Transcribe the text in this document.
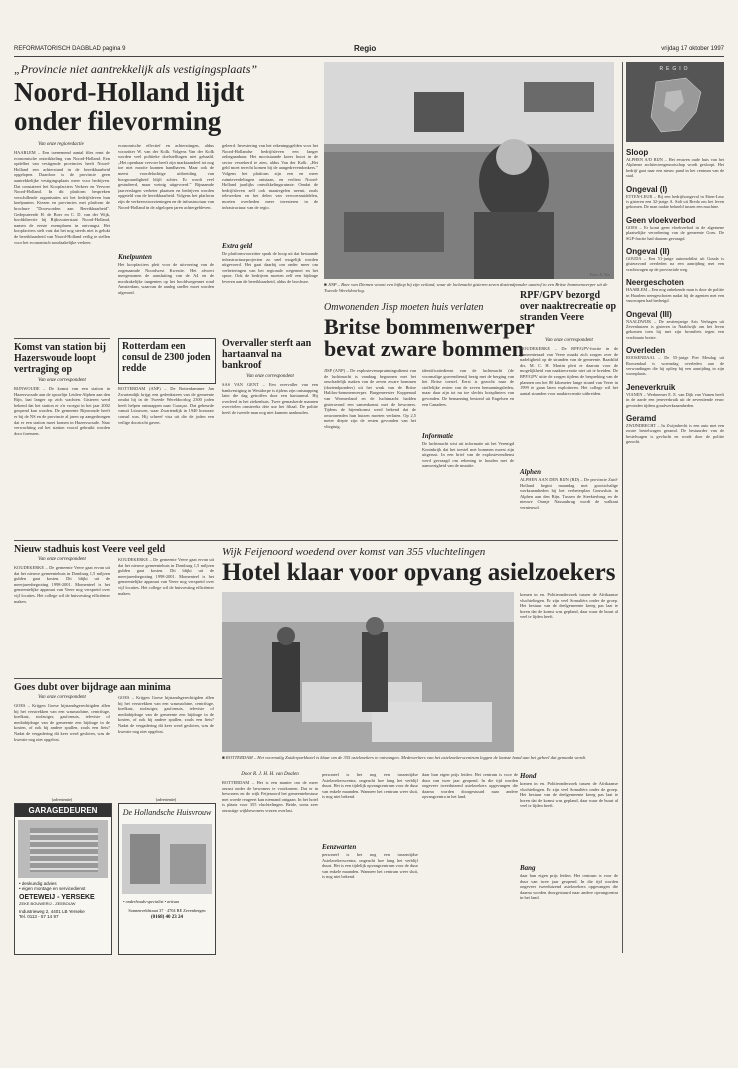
REFORMATORISCH DAGBLAD pagina 9	Regio	vrijdag 17 oktober 1997
„Provincie niet aantrekkelijk als vestigingsplaats”
Noord-Holland lijdt
onder filevorming
Van onze regioredactie
HAARLEM – Een toenemend aantal files remt de economische ontwikkeling van Noord-Holland. Een opdelhet van vestigende provincies heeft Noord-Holland een achterstand in de bereikbaarheid opgelopen. Daardoor is de provincie geen aantrekkelijke vestigingsplaats meer voor bedrijven. Dat constateert het Koopfactiers Verkeer en Vervoer Noord-Holland. In dit platform bespreken verschillende organisaties uit het bedrijfsleven hun knelpunten. Kiezen en provincies met platform de brochure "Doorworden aan Bereikbaarheid". Gedeputeerde H. de Boer en C. D. van der Wijk, hoofddirectie bij Rijkswaterstaat Noord-Holland, namen de eerste exemplaren in ontvangst. Het koopfactiers stelt vast dat het nog steeds niet is gelukt de bereikbaarheid van Noord-Holland veilig te stellen voor het economisch noodzakelijke verkeer.
economische effectief en achterstingen, aldus voorzitter W. van der Kolk. Volgens Van der Kolk worden veel politieke doelstellingen niet gehaald. „Het openbaar vervoer heeft zijn marktaandeel tot nog toe niet mooite kunnen handhaven. Maar ook de meest voordelachtige uitbreiding van hoogwaardigheid blijft achter. Er wordt veel gestudeerd, maar weinig uitgevoerd.” Bijnaamde jaarverslagen verbeter plaatsen en bedrijven worden opgeteld van de bereikbaarheid. Volgens het platform zijn de verkeersvoorzieningen en de infrastructuur van Noord-Holland in de afgelopen jaren achtergebleven.
Knelpunten
Het koopfactiers pleit voor de uitvoering van de zogenaamde Noordwest Kwestie. Het afvoert meegenomen de aansluiting van de A4 en de noodzakelijke tangenten op het hoofdwegennet rond Amsterdam, waarvan de aanleg sneller moet worden afgerond.
geleerd. Investering van het rekeningsgelden voor het Noord-Hollandse bedrijfsleven een langer onbegaanbaar. Het mooistaande koers hoort in de sector verzekerd te zien, aldus Van der Kolk. „Het geld moet terecht komen bij de aangedrevendonkers.” Volgens het platform zijn een en meer ruimteverdelingen ontstaan, en verliest Noord-Holland jaarlijks ontwikkelingsruimte. Omdat de bedrijfsleven zelf ook maatregelen neemt, zoals telewerken en het delen van vervoersmiddelen, moeten overheden meer investeren in de infrastructuur van de regio.
Extra geld
De platformvoorzitter sprak de hoop uit dat bestaande infrastructuurprojecten zo snel mogelijk worden uitgevoerd. Het gaat daarbij om onder meer om verbeteringen van het regionale wegennet en het spoor. Ook de bedrijven moeten zelf een bijdrage leveren aan de bereikbaarheid, aldus de brochure.
Foto: A. Vos
■ JISP – Boer van Diemen woont een bijkop bij zijn veiland, waar de lochmacht gisteren zeven doziendponder aantrof in een Britse bommenwerper uit de Tweede Wereldoorlog.
Omwonenden Jisp moeten huis verlaten
Britse bommenwerper
bevat zware bommen
JISP (ANP) – De explosievenopruimingsdienst van de luchtmacht is vandaag begonnen met het onschadelijk maken van de zeven zware bommen (doziendponders) uit het wrak van de Britse Halifax-bommenwerper. Burgemeester Koppenaal van Wormerland en de luchtmacht hadden gisteravond een samenkomst met de bewoners. Tijdens de bijeenkomst werd bekend dat de omwonenden hun huizen moeten verlaten. Op 2,5 meter diepte zijn de resten gevonden van het vliegtuig.
identificatiedienst van de luchtmacht (de voormalige gravendienst) bezig met de berging van het Britse toestel. Eerst is gezocht naar de stoffelijke resten van de zeven bemanningsleden, maar daar zijn tot nu toe slechts botsplinters van gevonden. De bemanning bestond uit Engelsen en een Canadees.
Informatie
De luchtmacht wist uit informatie uit het Verenigd Koninkrijk dat het toestel met bommen moest zijn uitgerust. In een brief van de explosievendienst werd gevraagd om rekening te houden met de aanwezigheid van de munitie.
RPF/GPV bezorgd over naaktrecreatie op stranden Veere
Van onze correspondent
KOUDEKERKE – De RPF/GPV-fractie in de gemeenteraad van Veere maakt zich zorgen over de nadeligheid op de stranden van de gemeente. Raadslid drs. M. C. H. Martin pleit er daarom voor de mogelijkheid van naaktrecreatie niet uit te breiden. De RPF/GPV uitte de zorgen tijdens de bespreking van de plannen om het 80 kilometer lange strand van Veere in 1999 te gaan laten exploiteren. Het college wil het aantal stranden voor naaktrecreatie uitbreiden.
Alphen
ALPHEN AAN DEN RIJN (RD) – De provincie Zuid-Holland begint maandag met grootschalige werkzaamheden bij het verbeterplan Gouwsluis in Alphen aan den Rijn. Tussen de Steekterbrug en de nieuwe Oranje Nassaubrug wordt de walkant vernieuwd.
Komst van station bij Hazerswoude loopt vertraging op
Van onze correspondent
RIJNWOUDE – De komst van een station in Hazerswoude aan de spoorlijn Leiden-Alphen aan den Rijn, laat langer op zich wachten. Gisteren werd bekend dat het station er z'n vroegst in het jaar 2002 geopend kan worden. De gemeente Rijnwoude heeft er bij de NS en de provincie al jaren op aangedrongen dat er een station moet komen in Hazerswoude. Naar verwachting zal het station vooral gebruikt worden door forenzen.
Rotterdam een consul de 2300 joden redde
ROTTERDAM (ANP) – De Rotterdammer Jan Zwartendijk krijgt een gedenksteen van de gemeente omdat hij in de Tweede Wereldoorlog 2300 joden heeft helpen ontsnappen naar Curaçao. Dat gebeurde vanuit Litouwen, waar Zwartendijk in 1940 honorair consul was. Hij schreef visa uit die de joden een veilige doortocht gaven.
Overvaller sterft aan hartaanval na bankroof
Van onze correspondent
SAS VAN GENT – Een overvaller van een bankvestiging in Westdorpe is tijdens zijn ontsnapping later die dag getroffen door een hartaanval. Hij overleed in het ziekenhuis. Twee gemaskerde mannen overvielen omstreeks drie uur het filiaal. De politie heeft de tweede man nog niet kunnen aanhouden.
Nieuw stadhuis kost Veere veel geld
Van onze correspondent
KOUDEKERKE – De gemeente Veere gaat ervan uit dat het nieuwe gemeentehuis in Domburg 1,5 miljoen gulden gaat kosten. Dit blijkt uit de meerjarenbegroting 1998-2001. Momenteel is het gemeentelijke apparaat van Veere nog verspreid over vijf locaties. Het college wil de huisvesting efficiënter maken.
KOUDEKERKE – De gemeente Veere gaat ervan uit dat het nieuwe gemeentehuis in Domburg 1,5 miljoen gulden gaat kosten. Dit blijkt uit de meerjarenbegroting 1998-2001. Momenteel is het gemeentelijke apparaat van Veere nog verspreid over vijf locaties. Het college wil de huisvesting efficiënter maken.
Goes dubt over bijdrage aan minima
Van onze correspondent
GOES – Krijgen Goese bijstandsgerechtigden allen bij het verstrekken van een wasmachine, centrifuge, koelkast, stofzuiger, gasfornuis, televisie of mediabijdrage van de gemeente een bijdrage in de kosten, of ook bij andere spullen, zoals een fiets? Nadat de vergadering dit keer werd gesloten, was de kwestie nog niet opgelost.
GOES – Krijgen Goese bijstandsgerechtigden allen bij het verstrekken van een wasmachine, centrifuge, koelkast, stofzuiger, gasfornuis, televisie of mediabijdrage van de gemeente een bijdrage in de kosten, of ook bij andere spullen, zoals een fiets? Nadat de vergadering dit keer werd gesloten, was de kwestie nog niet opgelost.
(advertentie)
GARAGEDEUREN
• deskundig advies
• eigen montage en servicedienst
OETEWEIJ - YERSEKE
ZEKE BOUWERIJ - ZEEBOUW
Industrieweg 2, 4401 LB Yerseke
Tel. 0113 - 57 14 97
(advertentie)
De Hollandsche Huisvrouw
• onderhouds-specialist • artisan
Sonnenveldstraat 37 · 4704 RE Zevenbergen
(0168) 40 23 24
Wijk Feijenoord woedend over komst van 355 vluchtelingen
Hotel klaar voor opvang asielzoekers
komen in en. Politieonderzoek tussen de Afrikaanse vluchtelingen. Er zijn veel Somaliërs onder de groep. Het bestuur van de deelgemeente kreeg pas laat te horen dat de komst was gepland, daar waar de buurt al veel te lijden heeft.
■ ROTTERDAM – Het voormalig Zuiderparkhotel is klaar om de 355 asielzoekers te ontvangen. Medewerkers van het asielzoekerscentrum leggen de laatste hand aan het geheel dat gemaakt wordt.
Door R. J. H. H. van Doalen
ROTTERDAM – Het is een manier om de meer onrust onder de bewoners te voorkomen. Dat er in bewoners en de wijk Feijenoord het gemeentebestuur met woede reageert kan niemand ontgaan. In het hotel is plaats voor 355 vluchtelingen. Beide, soms zeer onrustige wijkbewoners vrezen overlast.
personeel is het nog een tussentijdse Asielzoekerscentra, ongeacht hoe lang het verblijf duurt. Het is een tijdelijk opvangcentrum voor de duur van enkele maanden. Wanneer het centrum weer sluit, is nog niet bekend.
Eenzwarten
personeel is het nog een tussentijdse Asielzoekerscentra, ongeacht hoe lang het verblijf duurt. Het is een tijdelijk opvangcentrum voor de duur van enkele maanden. Wanneer het centrum weer sluit, is nog niet bekend.
daar hun eigen prijs leiden. Het centrum is voor de duur van twee jaar geopend. In die tijd worden ongeveer tweeduizend asielzoekers opgevangen die daarna worden doorgestuurd naar andere opvangcentra in het land.
Hond
komen in en. Politieonderzoek tussen de Afrikaanse vluchtelingen. Er zijn veel Somaliërs onder de groep. Het bestuur van de deelgemeente kreeg pas laat te horen dat de komst was gepland, daar waar de buurt al veel te lijden heeft.
Bang
daar hun eigen prijs leiden. Het centrum is voor de duur van twee jaar geopend. In die tijd worden ongeveer tweeduizend asielzoekers opgevangen die daarna worden doorgestuurd naar andere opvangcentra in het land.
REGIO
Sloop
ALPHEN A/D RIJN – Het eeuwen oude huis van het Alphense architectengenootschap wordt gesloopt. Het bedrijf gaat naar een nieuw pand in het centrum van de stad.
Ongeval (I)
ETTEN-LEUR – Bij een bedrijfsongeval in Etten-Leur is gisteren een 32-jarige A. Sidi uit Breda om het leven gekomen. De man raakte bekneld tussen een machine.
Geen vloekverbod
GOES – Er komt geen vloekverbod in de algemene plaatselijke verordening van de gemeente Goes. De SGP-fractie had daarom gevraagd.
Ongeval (II)
GOUDA – Een 51-jarige automobilist uit Gouda is gisteravond overleden na een aanrijding met een vrachtwagen op de provinciale weg.
Neergeschoten
HAARLEM – Een nog onbekende man is door de politie in Haarlem neergeschoten nadat hij de agenten met een vuurwapen had bedreigd.
Ongeval (III)
NAALDWIJK – De zestienjarige Aris Verhagen uit Zevenhuizen is gisteren in Naaldwijk om het leven gekomen toen hij met zijn bromfiets tegen een vrachtauto botste.
Overleden
ROOSENDAAL – De 55-jarige Piet Mesdag uit Roosendaal is woensdag overleden aan de verwondingen die hij opliep bij een aanrijding in zijn woonplaats.
Jeneverkruik
VIANEN – Werknemer E. E. van Dijk van Vianen heeft in de aarde een jeneverkruik uit de zeventiende eeuw gevonden tijdens graafwerkzaamheden.
Geramd
ZWIJNDRECHT – In Zwijndrecht is een auto met een zware bestelwagen geramd. De bestuurder van de bestelwagen is gevlucht en wordt door de politie gezocht.
